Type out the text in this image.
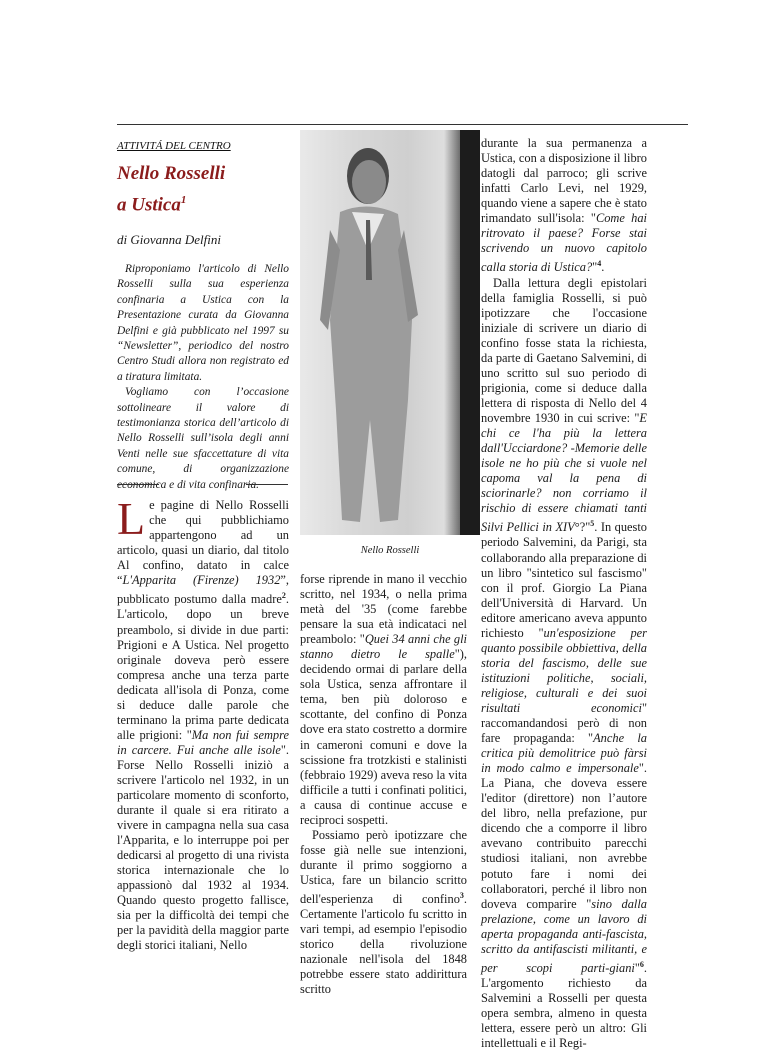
ATTIVITÁ DEL CENTRO
Nello Rosselli
a Ustica$^1$
di Giovanna Delfini

Riproponiamo l'articolo di Nello Rosselli sulla sua esperienza confinaria a Ustica con la Presentazione curata da Giovanna Delfini e già pubblicato nel 1997 su “Newsletter”, periodico del nostro Centro Studi allora non registrato ed a tiratura limitata.

Vogliamo con l’occasione sottolineare il valore di testimonianza storica dell’articolo di Nello Rosselli sull’isola degli anni Venti nelle sue sfaccettature di vita comune, di organizzazione economica e di vita confinaria.

Le pagine di Nello Rosselli che qui pubblichiamo appartengono ad un articolo, quasi un diario, dal titolo Al confino, datato in calce “L'Apparita (Firenze) 1932”, pubblicato postumo dalla madre$^2$. L'articolo, dopo un breve preambolo, si divide in due parti: Prigioni e A Ustica. Nel progetto originale doveva però essere compresa anche una terza parte dedicata all'isola di Ponza, come si deduce dalle parole che terminano la prima parte dedicata alle prigioni: "Ma non fui sempre in carcere. Fui anche alle isole". Forse Nello Rosselli iniziò a scrivere l'articolo nel 1932, in un particolare momento di sconforto, durante il quale si era ritirato a vivere in campagna nella sua casa l'Apparita, e lo interruppe poi per dedicarsi al progetto di una rivista storica internazionale che lo appassionò dal 1932 al 1934. Quando questo progetto fallisce, sia per la difficoltà dei tempi che per la pavidità della maggior parte degli storici italiani, Nello

Nello Rosselli

forse riprende in mano il vecchio scritto, nel 1934, o nella prima metà del '35 (come farebbe pensare la sua età indicataci nel preambolo: "Quei 34 anni che gli stanno dietro le spalle"), decidendo ormai di parlare della sola Ustica, senza affrontare il tema, ben più doloroso e scottante, del confino di Ponza dove era stato costretto a dormire in cameroni comuni e dove la scissione fra trotzkisti e stalinisti (febbraio 1929) aveva reso la vita difficile a tutti i confinati politici, a causa di continue accuse e reciproci sospetti.

Possiamo però ipotizzare che fosse già nelle sue intenzioni, durante il primo soggiorno a Ustica, fare un bilancio scritto dell'esperienza di confino$^3$. Certamente l'articolo fu scritto in vari tempi, ad esempio l'episodio storico della rivoluzione nazionale nell'isola del 1848 potrebbe essere stato addirittura scritto

durante la sua permanenza a Ustica, con a disposizione il libro datogli dal parroco; gli scrive infatti Carlo Levi, nel 1929, quando viene a sapere che è stato rimandato sull'isola: "Come hai ritrovato il paese? Forse stai scrivendo un nuovo capitolo calla storia di Ustica?"$^4$.

Dalla lettura degli epistolari della famiglia Rosselli, si può ipotizzare che l'occasione iniziale di scrivere un diario di confino fosse stata la richiesta, da parte di Gaetano Salvemini, di uno scritto sul suo periodo di prigionia, come si deduce dalla lettera di risposta di Nello del 4 novembre 1930 in cui scrive: "E chi ce l'ha più la lettera dall'Ucciardone? -Memorie delle isole ne ho più che si vuole nel capoma val la pena di sciorinarle? non corriamo il rischio di essere chiamati tanti Silvi Pellici in XIV°?"$^5$. In questo periodo Salvemini, da Parigi, sta collaborando alla preparazione di un libro "sintetico sul fascismo" con il prof. Giorgio La Piana dell'Università di Harvard. Un editore americano aveva appunto richiesto "un'esposizione per quanto possibile obbiettiva, della storia del fascismo, delle sue istituzioni politiche, sociali, religiose, culturali e dei suoi risultati economici" raccomandandosi però di non fare propaganda: "Anche la critica più demolitrice può fàrsi in modo calmo e impersonale". La Piana, che doveva essere l'editor (direttore) non l’autore del libro, nella prefazione, pur dicendo che a comporre il libro avevano contribuito parecchi studiosi italiani, non avrebbe potuto fare i nomi dei collaboratori, perché il libro non doveva comparire "sino dalla prelazione, come un lavoro di aperta propaganda anti-fascista, scritto da antifascisti militanti, e per scopi parti-giani"$^6$. L'argomento richiesto da Salvemini a Rosselli per questa opera sembra, almeno in questa lettera, essere però un altro: Gli intellettuali e il Regi-
